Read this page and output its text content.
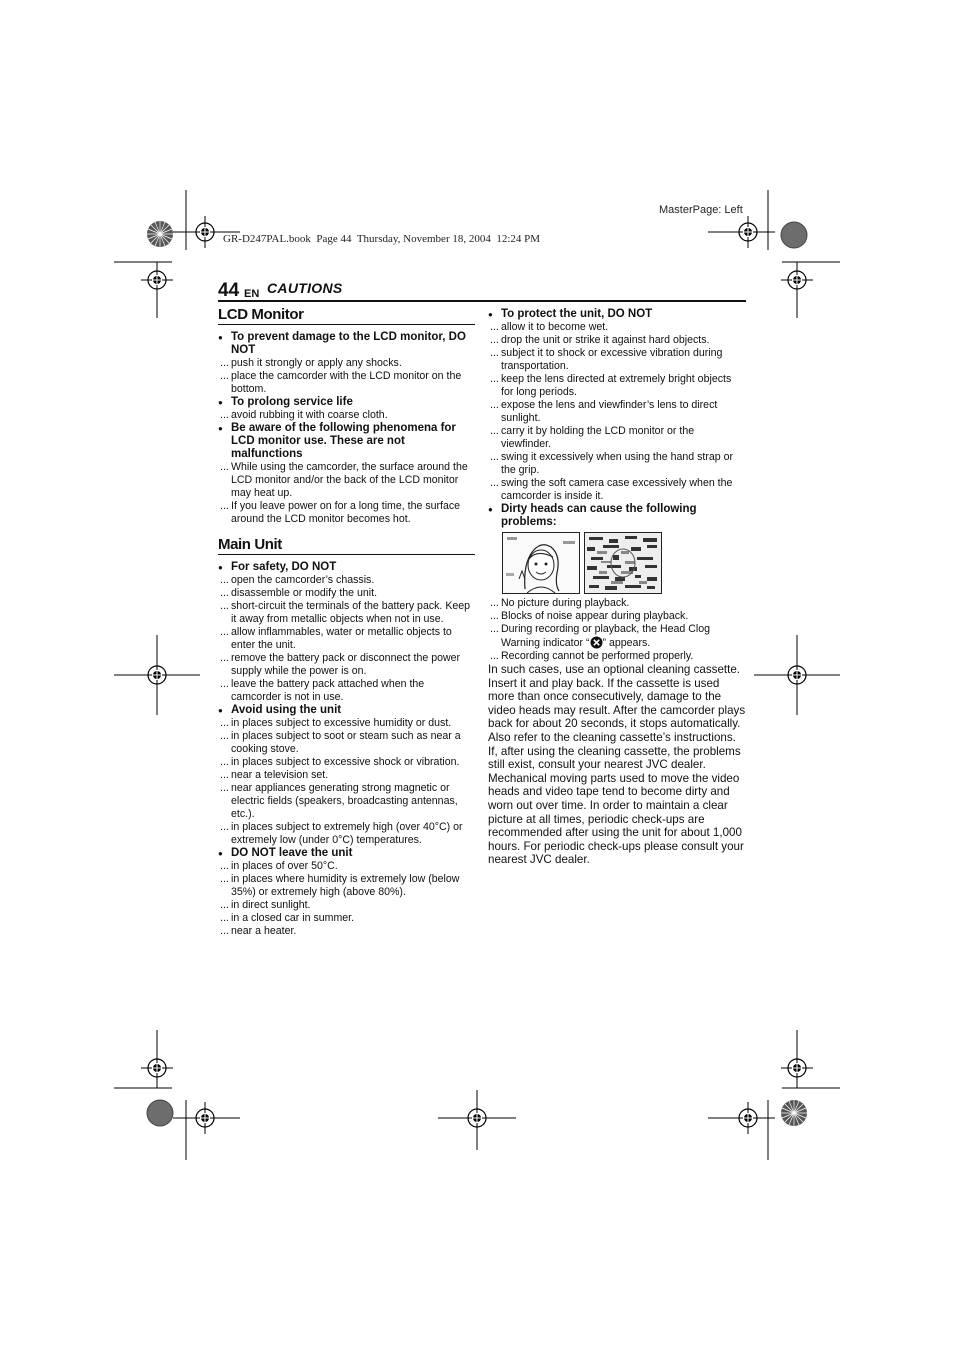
MasterPage: Left
GR-D247PAL.book  Page 44  Thursday, November 18, 2004  12:24 PM
44 EN CAUTIONS
LCD Monitor
● To prevent damage to the LCD monitor, DO NOT
... push it strongly or apply any shocks.
... place the camcorder with the LCD monitor on the bottom.
● To prolong service life
... avoid rubbing it with coarse cloth.
● Be aware of the following phenomena for LCD monitor use. These are not malfunctions
... While using the camcorder, the surface around the LCD monitor and/or the back of the LCD monitor may heat up.
... If you leave power on for a long time, the surface around the LCD monitor becomes hot.
Main Unit
● For safety, DO NOT
... open the camcorder’s chassis.
... disassemble or modify the unit.
... short-circuit the terminals of the battery pack. Keep it away from metallic objects when not in use.
... allow inflammables, water or metallic objects to enter the unit.
... remove the battery pack or disconnect the power supply while the power is on.
... leave the battery pack attached when the camcorder is not in use.
● Avoid using the unit
... in places subject to excessive humidity or dust.
... in places subject to soot or steam such as near a cooking stove.
... in places subject to excessive shock or vibration.
... near a television set.
... near appliances generating strong magnetic or electric fields (speakers, broadcasting antennas, etc.).
... in places subject to extremely high (over 40°C) or extremely low (under 0°C) temperatures.
● DO NOT leave the unit
... in places of over 50°C.
... in places where humidity is extremely low (below 35%) or extremely high (above 80%).
... in direct sunlight.
... in a closed car in summer.
... near a heater.
● To protect the unit, DO NOT
... allow it to become wet.
... drop the unit or strike it against hard objects.
... subject it to shock or excessive vibration during transportation.
... keep the lens directed at extremely bright objects for long periods.
... expose the lens and viewfinder’s lens to direct sunlight.
... carry it by holding the LCD monitor or the viewfinder.
... swing it excessively when using the hand strap or the grip.
... swing the soft camera case excessively when the camcorder is inside it.
● Dirty heads can cause the following problems:
... No picture during playback.
... Blocks of noise appear during playback.
... During recording or playback, the Head Clog Warning indicator “ ” appears.
... Recording cannot be performed properly.
In such cases, use an optional cleaning cassette. Insert it and play back. If the cassette is used more than once consecutively, damage to the video heads may result. After the camcorder plays back for about 20 seconds, it stops automatically. Also refer to the cleaning cassette’s instructions.
If, after using the cleaning cassette, the problems still exist, consult your nearest JVC dealer.
Mechanical moving parts used to move the video heads and video tape tend to become dirty and worn out over time. In order to maintain a clear picture at all times, periodic check-ups are recommended after using the unit for about 1,000 hours. For periodic check-ups please consult your nearest JVC dealer.
